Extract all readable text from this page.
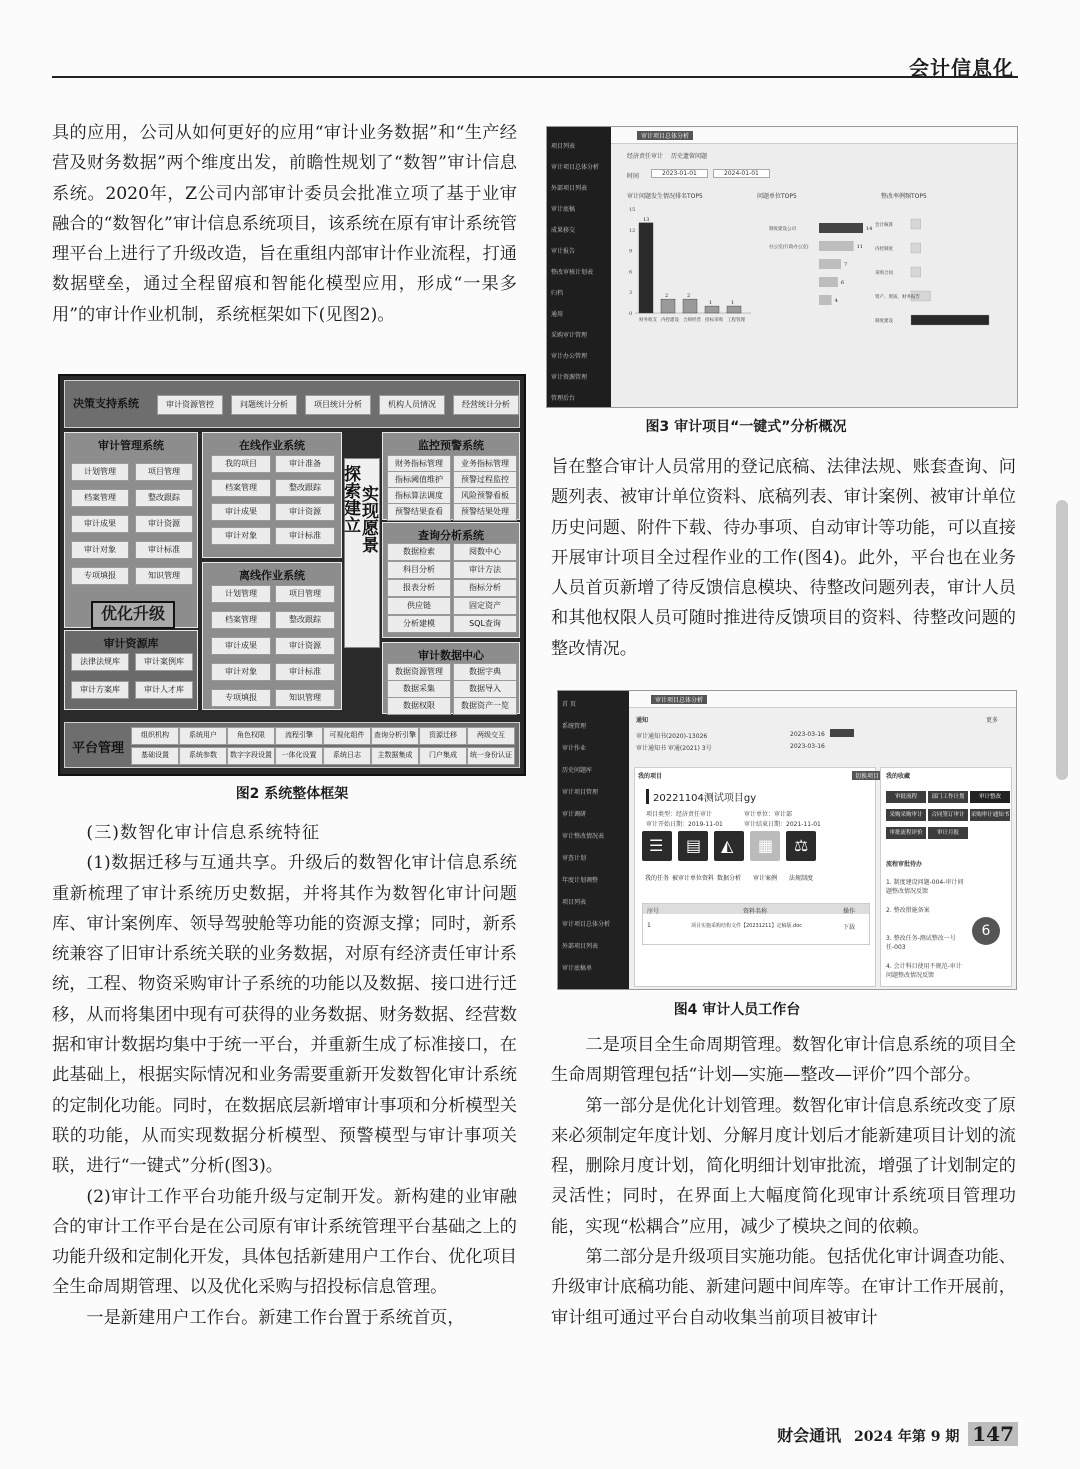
会计信息化

具的应用，公司从如何更好的应用“审计业务数据”和“生产经营及财务数据”两个维度出发，前瞻性规划了“数智”审计信息系统。2020年，Z公司内部审计委员会批准立项了基于业审融合的“数智化”审计信息系统项目，该系统在原有审计系统管理平台上进行了升级改造，旨在重组内部审计作业流程，打通数据壁垒，通过全程留痕和智能化模型应用，形成“一果多用”的审计作业机制，系统框架如下(见图2)。

决策支持系统	审计资源管控	问题统计分析	项目统计分析	机构人员情况	经营统计分析
审计管理系统
优化升级
计划管理	项目管理
档案管理	整改跟踪
审计成果	审计资源
审计对象	审计标准
专项填报	知识管理
审计资源库
法律法规库	审计案例库
审计方案库	审计人才库
在线作业系统
我的项目	审计准备
档案管理	整改跟踪
审计成果	审计资源
审计对象	审计标准
离线作业系统
计划管理	项目管理
档案管理	整改跟踪
审计成果	审计资源
审计对象	审计标准
专项填报	知识管理
探索建立
实现愿景
监控预警系统
财务指标管理	业务指标管理
指标阈值维护	预警过程监控
指标算法调度	风险预警看板
预警结果查看	预警结果处理
查询分析系统
数据检索	阅数中心
科目分析	审计方法
报表分析	指标分析
供应链	固定资产
分析建模	SQL查询
审计数据中心
数据资源管理	数据字典
数据采集	数据导入
数据权限	数据资产一览
平台管理
组织机构	系统用户	角色权限	流程引擎	可视化组件	查询分析引擎	资源迁移	两级交互
基础设置	系统参数	数字字段设置	一体化设置	系统日志	主数据集成	门户集成	统一身份认证
图2 系统整体框架

(三)数智化审计信息系统特征

(1)数据迁移与互通共享。升级后的数智化审计信息系统重新梳理了审计系统历史数据，并将其作为数智化审计问题库、审计案例库、领导驾驶舱等功能的资源支撑；同时，新系统兼容了旧审计系统关联的业务数据，对原有经济责任审计系统，工程、物资采购审计子系统的功能以及数据、接口进行迁移，从而将集团中现有可获得的业务数据、财务数据、经营数据和审计数据均集中于统一平台，并重新生成了标准接口，在此基础上，根据实际情况和业务需要重新开发数智化审计系统的定制化功能。同时，在数据底层新增审计事项和分析模型关联的功能，从而实现数据分析模型、预警模型与审计事项关联，进行“一键式”分析(图3)。

(2)审计工作平台功能升级与定制开发。新构建的业审融合的审计工作平台是在公司原有审计系统管理平台基础之上的功能升级和定制化开发，具体包括新建用户工作台、优化项目全生命周期管理、以及优化采购与招投标信息管理。

一是新建用户工作台。新建工作台置于系统首页，

项目列表
审计项目总体分析
外部项目列表
审计底稿
成果移交
审计报告
整改审核计划表
归档
通用
采购审计管理
审计办公管理
审计资源管理
管理后台
审计项目总体分析
经济责任审计 历史遗留问题
时间	2023-01-01	2024-01-01
审计问题发生情况排名TOP5	问题单位TOP5	整改率例频TOP5
15
12
9
6
3
0
13
财务收支
2
内控建设
2
合规经营
1
招标采购
1
工程管理
14
11
7
6
4
制度建设公司
办公室(行政办公室)
会计核算
内控制度
采购合同
资产、资质、财务报告
制度建设
图3 审计项目“一键式”分析概况

旨在整合审计人员常用的登记底稿、法律法规、账套查询、问题列表、被审计单位资料、底稿列表、审计案例、被审计单位历史问题、附件下载、待办事项、自动审计等功能，可以直接开展审计项目全过程作业的工作(图4)。此外，平台也在业务人员首页新增了待反馈信息模块、待整改问题列表，审计人员和其他权限人员可随时推进待反馈项目的资料、待整改问题的整改情况。

首 页
系统管理
审计作业
历史问题库
审计项目管理
审计调研
审计整改情况表
审查计划
年度计划调整
项目列表
审计项目总体分析
外部项目列表
审计底稿单
审计项目总体分析
通知	更多
审计通知书(2020)-13026
审计通知书 审通(2021) 3号
2023-03-16
2023-03-16
我的项目	切换项目
20221104测试项目gy
项目类型：经济责任审计	审计单位：审计部
审计开始日期：2019-11-01	审计结束日期：2021-11-01
☰ ▤ ◭ ▦ ⚖
我的任务 被审计单位资料 数据分析	审计案例	法规制度
序号	资料名称	操作
1	项目实施采购结构文件【20231211】定稿版.doc	下载
我的收藏
流程审批待办
6
审批流程	部门工作计划	审计整改
采购采购审计	合同签订审计	采购审计通知书
审批流程评价	审计月报
1. 制度建设问题-004-审计问题整改情况反馈
2. 整改措施备案
3. 整改任务-测试整改一号任-003
4. 会计科目使用不规范-审计问题整改情况反馈
图4 审计人员工作台

二是项目全生命周期管理。数智化审计信息系统的项目全生命周期管理包括“计划—实施—整改—评价”四个部分。

第一部分是优化计划管理。数智化审计信息系统改变了原来必须制定年度计划、分解月度计划后才能新建项目计划的流程，删除月度计划，简化明细计划审批流，增强了计划制定的灵活性；同时，在界面上大幅度简化现审计系统项目管理功能，实现“松耦合”应用，减少了模块之间的依赖。

第二部分是升级项目实施功能。包括优化审计调查功能、升级审计底稿功能、新建问题中间库等。在审计工作开展前，审计组可通过平台自动收集当前项目被审计

财会通讯 2024 年第 9 期 147
